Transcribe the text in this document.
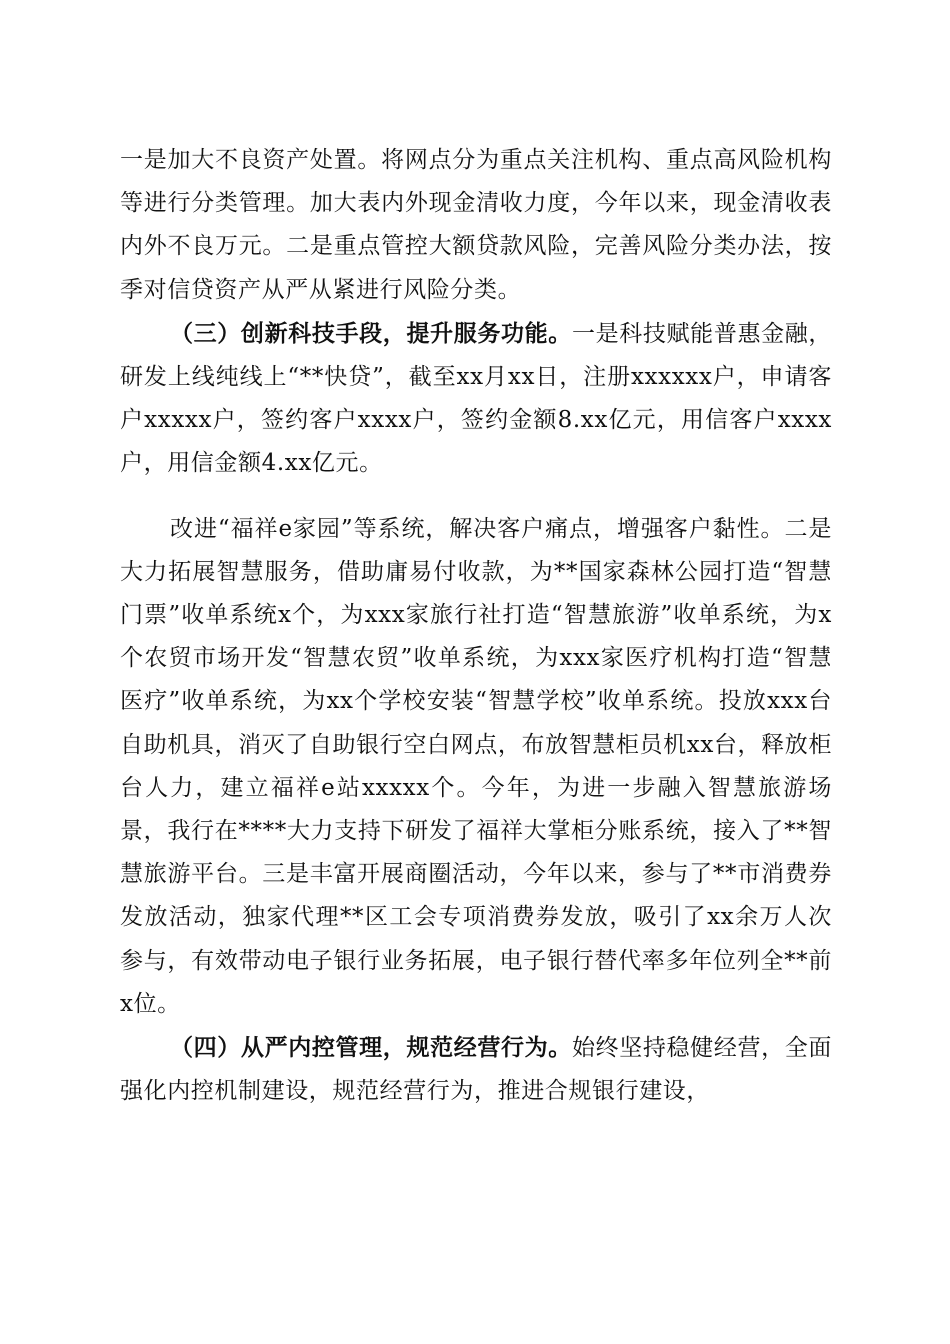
一是加大不良资产处置。将网点分为重点关注机构、重点高风险机构等进行分类管理。加大表内外现金清收力度，今年以来，现金清收表内外不良万元。二是重点管控大额贷款风险，完善风险分类办法，按季对信贷资产从严从紧进行风险分类。

（三）创新科技手段，提升服务功能。一是科技赋能普惠金融，研发上线纯线上“**快贷”，截至xx月xx日，注册xxxxxx户，申请客户xxxxx户，签约客户xxxx户，签约金额8.xx亿元，用信客户xxxx户，用信金额4.xx亿元。

改进“福祥e家园”等系统，解决客户痛点，增强客户黏性。二是大力拓展智慧服务，借助庸易付收款，为**国家森林公园打造“智慧门票”收单系统x个，为xxx家旅行社打造“智慧旅游”收单系统，为x个农贸市场开发“智慧农贸”收单系统，为xxx家医疗机构打造“智慧医疗”收单系统，为xx个学校安装“智慧学校”收单系统。投放xxx台自助机具，消灭了自助银行空白网点，布放智慧柜员机xx台，释放柜台人力，建立福祥e站xxxxx个。今年，为进一步融入智慧旅游场景，我行在****大力支持下研发了福祥大掌柜分账系统，接入了**智慧旅游平台。三是丰富开展商圈活动，今年以来，参与了**市消费券发放活动，独家代理**区工会专项消费券发放，吸引了xx余万人次参与，有效带动电子银行业务拓展，电子银行替代率多年位列全**前x位。

（四）从严内控管理，规范经营行为。始终坚持稳健经营，全面强化内控机制建设，规范经营行为，推进合规银行建设，
